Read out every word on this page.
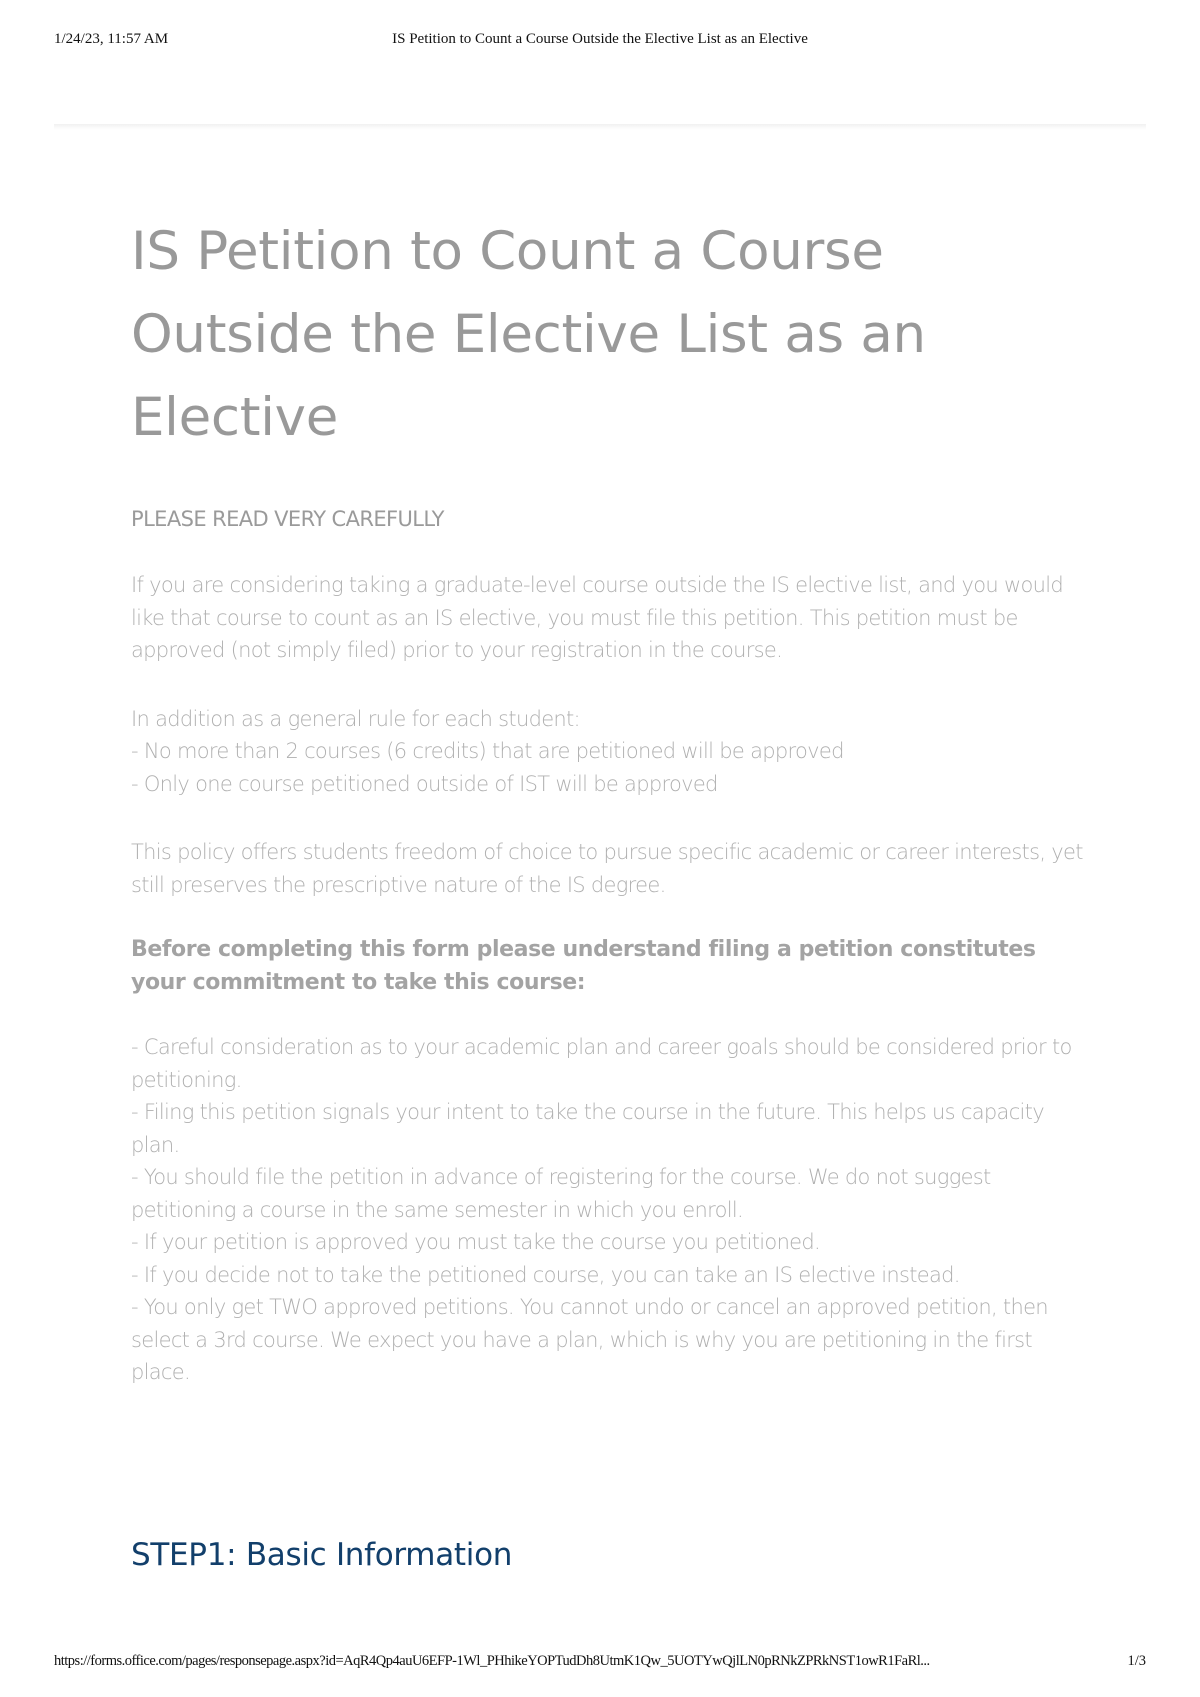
1/24/23, 11:57 AM	IS Petition to Count a Course Outside the Elective List as an Elective
IS Petition to Count a Course Outside the Elective List as an Elective
PLEASE READ VERY CAREFULLY
If you are considering taking a graduate-level course outside the IS elective list, and you would like that course to count as an IS elective, you must file this petition. This petition must be approved (not simply filed) prior to your registration in the course.
In addition as a general rule for each student:
- No more than 2 courses (6 credits) that are petitioned will be approved
- Only one course petitioned outside of IST will be approved
This policy offers students freedom of choice to pursue specific academic or career interests, yet still preserves the prescriptive nature of the IS degree.
Before completing this form please understand filing a petition constitutes your commitment to take this course:
- Careful consideration as to your academic plan and career goals should be considered prior to petitioning.
- Filing this petition signals your intent to take the course in the future. This helps us capacity plan.
- You should file the petition in advance of registering for the course. We do not suggest petitioning a course in the same semester in which you enroll.
- If your petition is approved you must take the course you petitioned.
- If you decide not to take the petitioned course, you can take an IS elective instead.
- You only get TWO approved petitions. You cannot undo or cancel an approved petition, then select a 3rd course. We expect you have a plan, which is why you are petitioning in the first place.
STEP1: Basic Information
https://forms.office.com/pages/responsepage.aspx?id=AqR4Qp4auU6EFP-1Wl_PHhikeYOPTudDh8UtmK1Qw_5UOTYwQjlLN0pRNkZPRkNST1owR1FaRl...	1/3
